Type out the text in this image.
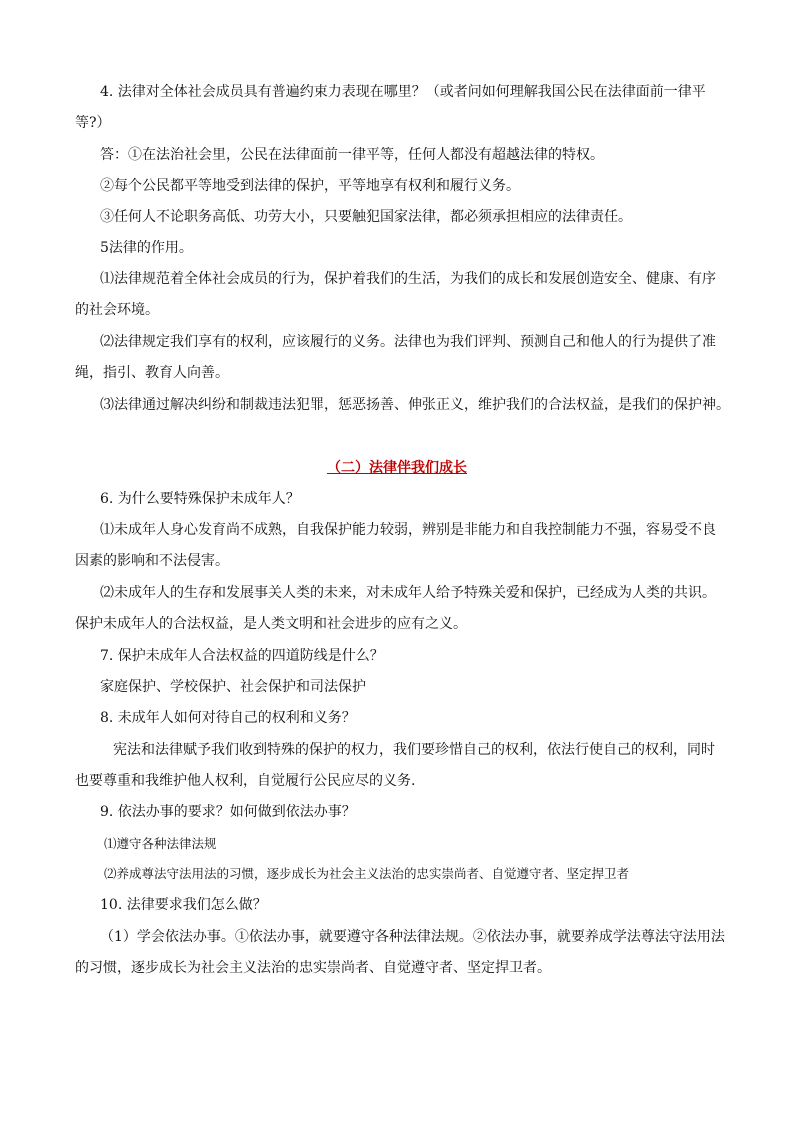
4. 法律对全体社会成员具有普遍约束力表现在哪里？（或者问如何理解我国公民在法律面前一律平
等?）
答：①在法治社会里，公民在法律面前一律平等，任何人都没有超越法律的特权。
②每个公民都平等地受到法律的保护，平等地享有权利和履行义务。
③任何人不论职务高低、功劳大小，只要触犯国家法律，都必须承担相应的法律责任。
5法律的作用。
⑴法律规范着全体社会成员的行为，保护着我们的生活，为我们的成长和发展创造安全、健康、有序
的社会环境。
⑵法律规定我们享有的权利，应该履行的义务。法律也为我们评判、预测自己和他人的行为提供了准
绳，指引、教育人向善。
⑶法律通过解决纠纷和制裁违法犯罪，惩恶扬善、伸张正义，维护我们的合法权益，是我们的保护神。
（二）法律伴我们成长
6. 为什么要特殊保护未成年人？
⑴未成年人身心发育尚不成熟，自我保护能力较弱，辨别是非能力和自我控制能力不强，容易受不良
因素的影响和不法侵害。
⑵未成年人的生存和发展事关人类的未来，对未成年人给予特殊关爱和保护，已经成为人类的共识。
保护未成年人的合法权益，是人类文明和社会进步的应有之义。
7. 保护未成年人合法权益的四道防线是什么？
家庭保护、学校保护、社会保护和司法保护
8. 未成年人如何对待自己的权利和义务？
宪法和法律赋予我们收到特殊的保护的权力，我们要珍惜自己的权利，依法行使自己的权利，同时
也要尊重和我维护他人权利，自觉履行公民应尽的义务.
9. 依法办事的要求？如何做到依法办事？
⑴遵守各种法律法规
⑵养成尊法守法用法的习惯，逐步成长为社会主义法治的忠实崇尚者、自觉遵守者、坚定捍卫者
10. 法律要求我们怎么做？
（1）学会依法办事。①依法办事，就要遵守各种法律法规。②依法办事，就要养成学法尊法守法用法
的习惯，逐步成长为社会主义法治的忠实崇尚者、自觉遵守者、坚定捍卫者。
